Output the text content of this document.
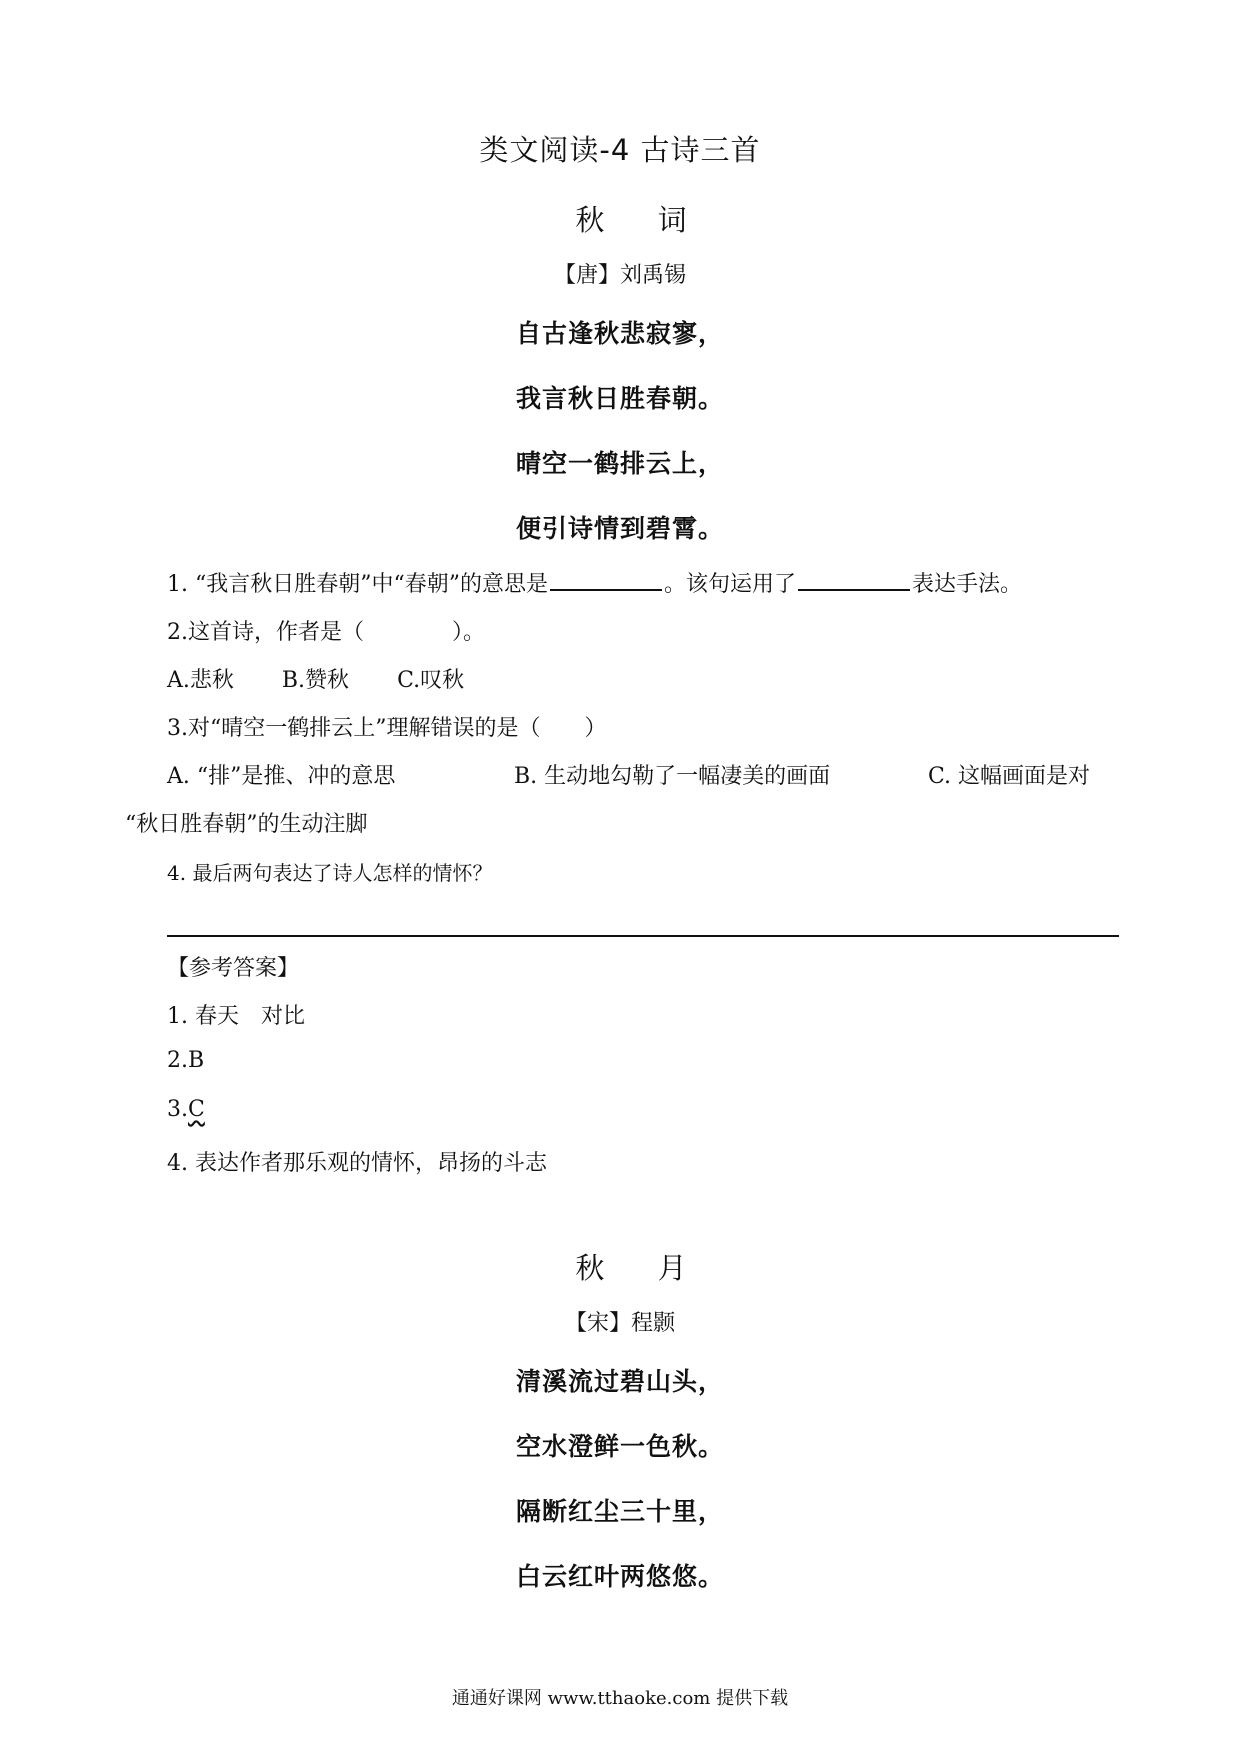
类文阅读-4 古诗三首
秋 词
【唐】刘禹锡
自古逢秋悲寂寥，
我言秋日胜春朝。
晴空一鹤排云上，
便引诗情到碧霄。
1. “我言秋日胜春朝”中“春朝”的意思是	。该句运用了	表达手法。
2.这首诗，作者是（　　　　）。
A.悲秋 B.赞秋 C.叹秋
3.对“晴空一鹤排云上”理解错误的是（　　）
A. “排”是推、冲的意思	B. 生动地勾勒了一幅凄美的画面	C. 这幅画面是对
“秋日胜春朝”的生动注脚
4. 最后两句表达了诗人怎样的情怀？
【参考答案】
1. 春天　对比
2.B
3.C
4. 表达作者那乐观的情怀，昂扬的斗志
秋 月
【宋】程颢
清溪流过碧山头，
空水澄鲜一色秋。
隔断红尘三十里，
白云红叶两悠悠。
通通好课网 www.tthaoke.com 提供下载
